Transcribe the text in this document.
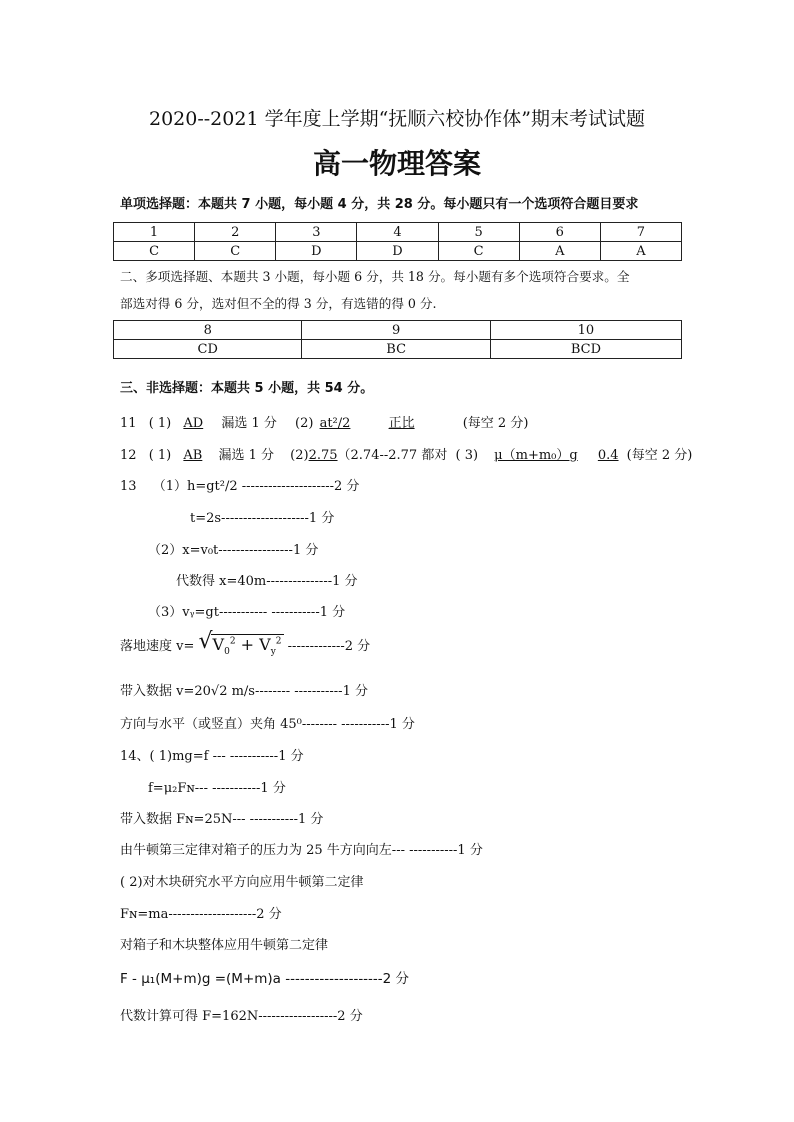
2020--2021 学年度上学期“抚顺六校协作体”期末考试试题
高一物理答案
单项选择题：本题共 7 小题，每小题 4 分，共 28 分。每小题只有一个选项符合题目要求
1	2	3	4	5	6	7
C	C	D	D	C	A	A
二、多项选择题、本题共 3 小题，每小题 6 分，共 18 分。每小题有多个选项符合要求。全
部选对得 6 分，选对但不全的得 3 分，有选错的得 0 分.
8	9	10
CD	BC	BCD
三、非选择题：本题共 5 小题，共 54 分。
11 ( 1) AD 漏选 1 分 (2) at²/2	正比	(每空 2 分)
12 ( 1) AB 漏选 1 分 (2)2.75（2.74--2.77 都对 ( 3) μ（m+m₀）g 0.4 (每空 2 分)
13 （1）h=gt²/2 ---------------------2 分
t=2s--------------------1 分
（2）x=v₀t-----------------1 分
代数得 x=40m---------------1 分
（3）vᵧ=gt----------- -----------1 分
落地速度 v= √ $V_0^2 + V_y^2$ -------------2 分
带入数据 v=20√2 m/s-------- -----------1 分
方向与水平（或竖直）夹角 45⁰-------- -----------1 分
14、( 1)mg=f --- -----------1 分
f=μ₂Fɴ--- -----------1 分
带入数据 Fɴ=25N--- -----------1 分
由牛顿第三定律对箱子的压力为 25 牛方向向左--- -----------1 分
( 2)对木块研究水平方向应用牛顿第二定律
Fɴ=ma--------------------2 分
对箱子和木块整体应用牛顿第二定律
F - μ₁(M+m)g =(M+m)a --------------------2 分
代数计算可得 F=162N------------------2 分
